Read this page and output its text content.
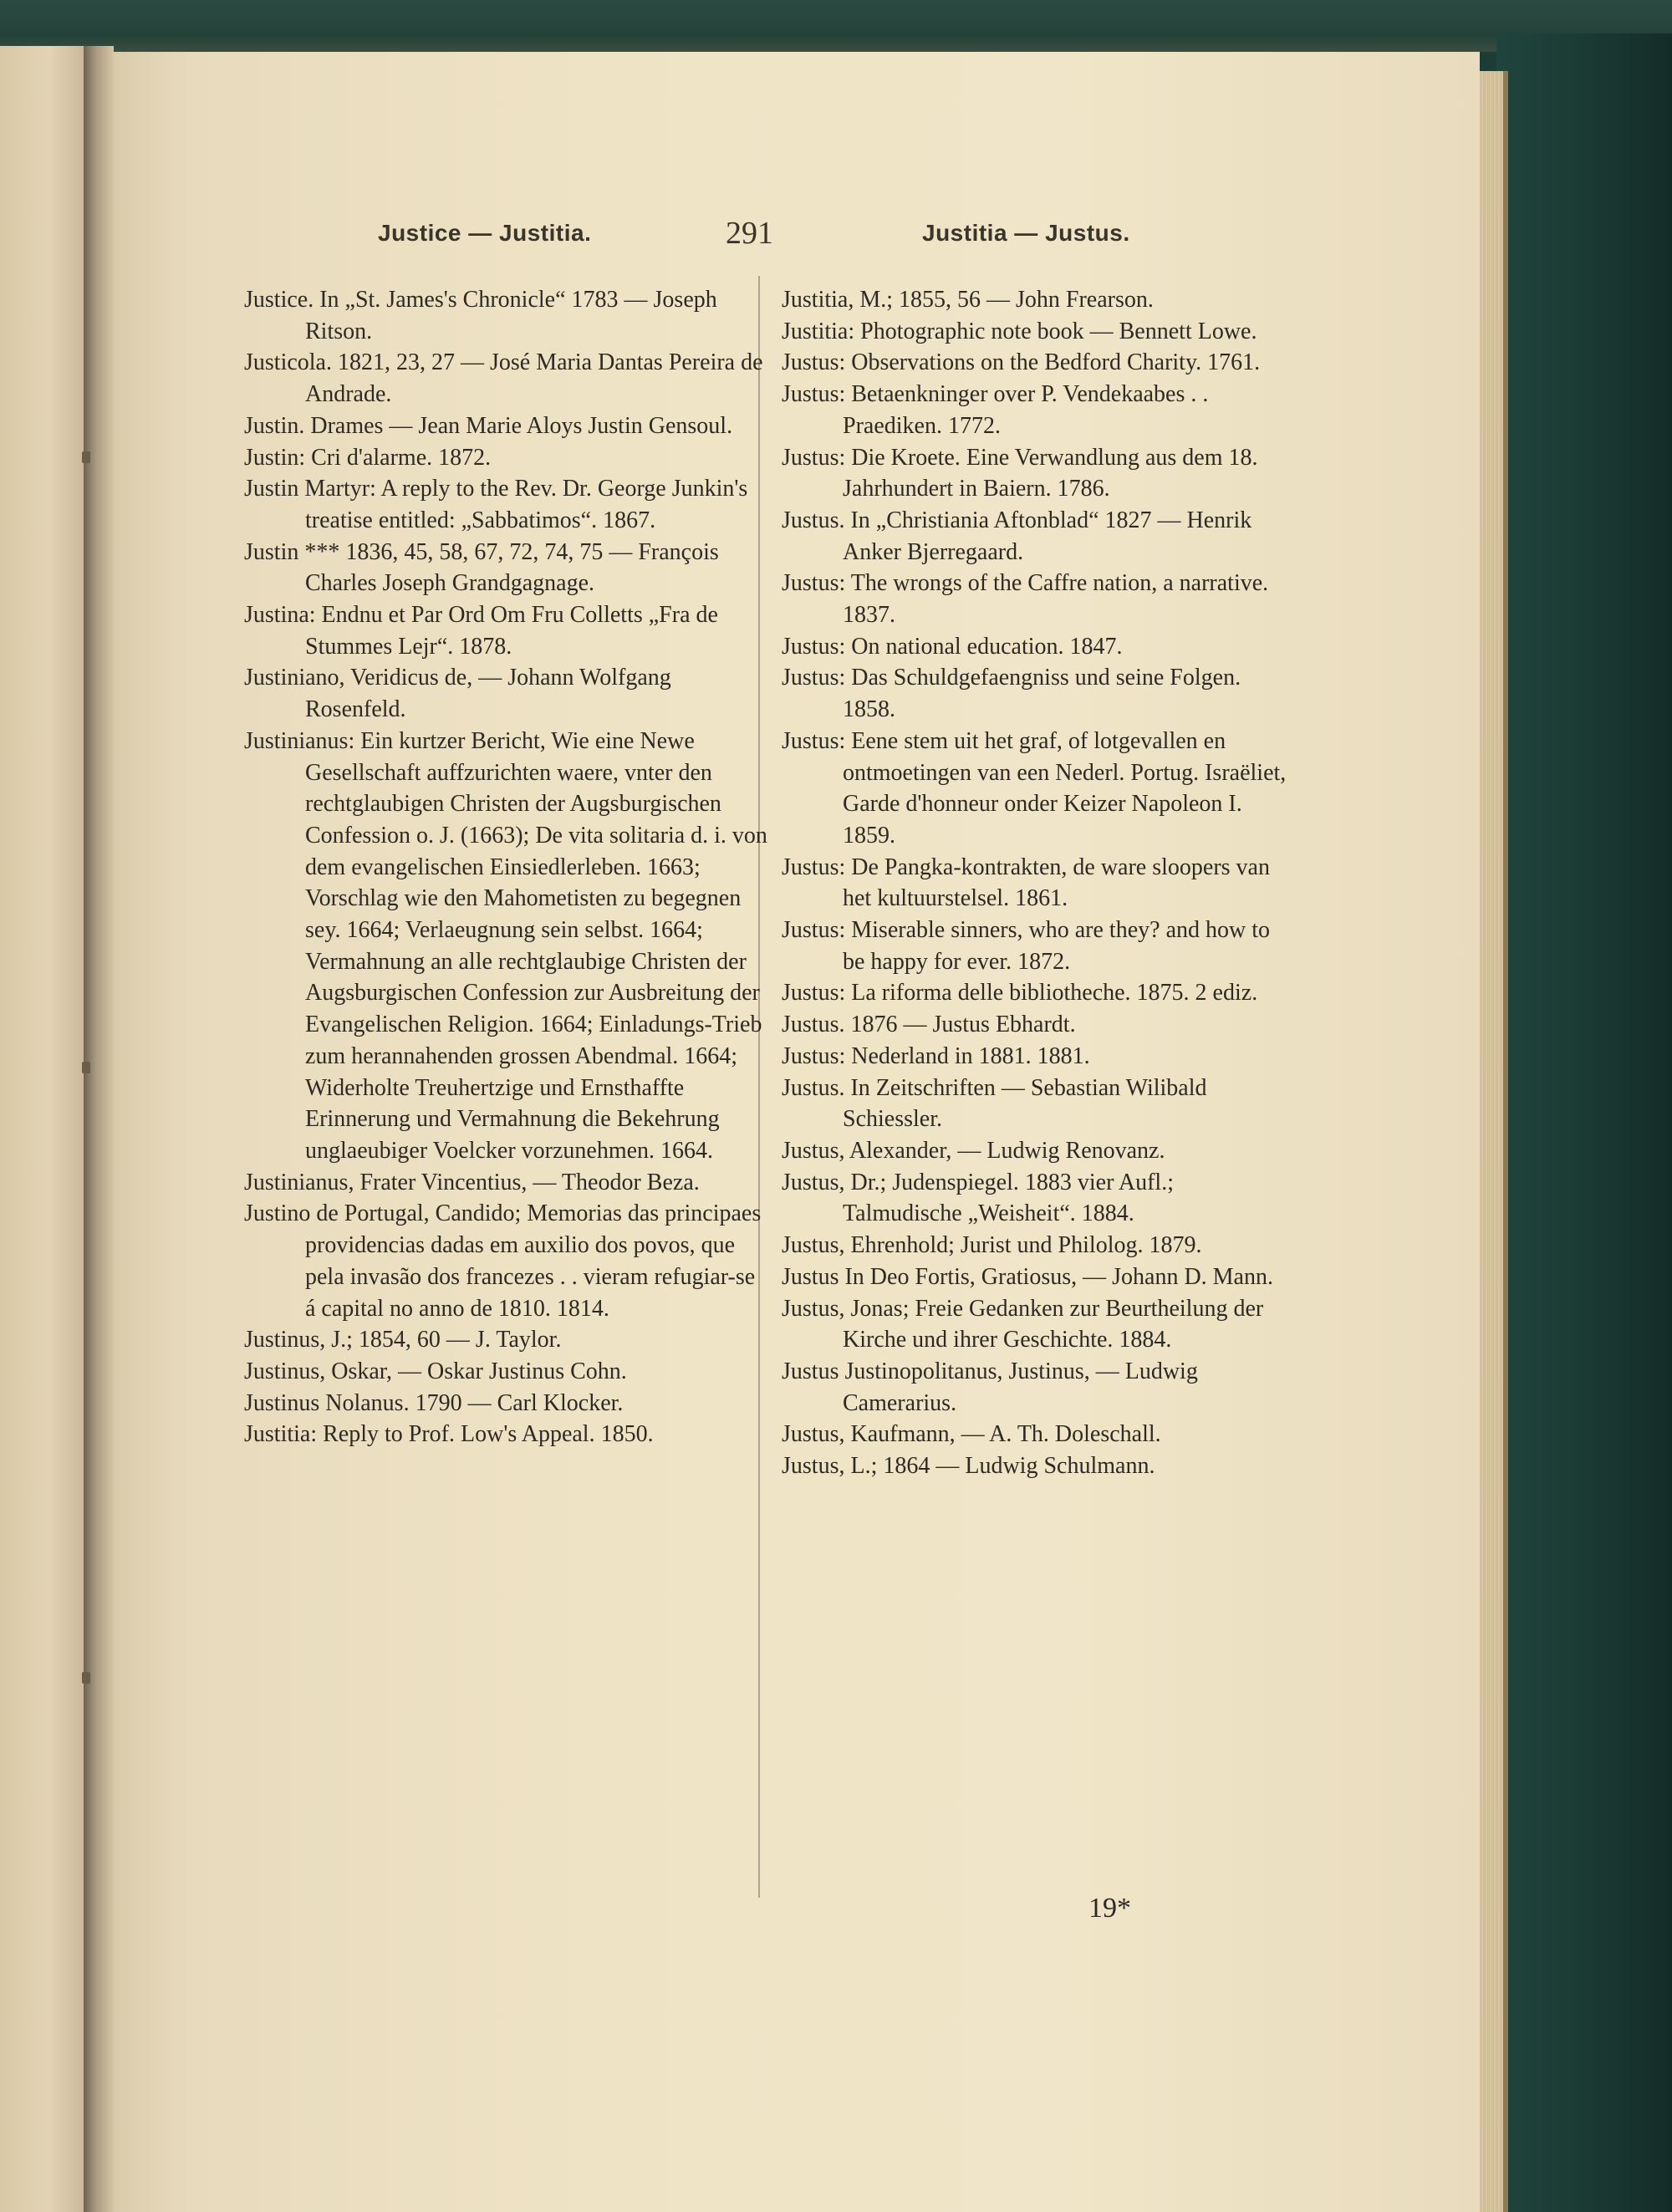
Justice — Justitia.	291	Justitia — Justus.
Justice. In „St. James's Chronicle“ 1783 — Joseph Ritson.
Justicola. 1821, 23, 27 — José Maria Dantas Pereira de Andrade.
Justin. Drames — Jean Marie Aloys Justin Gensoul.
Justin: Cri d'alarme. 1872.
Justin Martyr: A reply to the Rev. Dr. George Junkin's treatise entitled: „Sabbatimos“. 1867.
Justin *** 1836, 45, 58, 67, 72, 74, 75 — François Charles Joseph Grandgagnage.
Justina: Endnu et Par Ord Om Fru Colletts „Fra de Stummes Lejr“. 1878.
Justiniano, Veridicus de, — Johann Wolfgang Rosenfeld.
Justinianus: Ein kurtzer Bericht, Wie eine Newe Gesellschaft auffzurichten waere, vnter den rechtglaubigen Christen der Augsburgischen Confession o. J. (1663); De vita solitaria d. i. von dem evangelischen Einsiedlerleben. 1663; Vorschlag wie den Mahometisten zu begegnen sey. 1664; Verlaeugnung sein selbst. 1664; Vermahnung an alle rechtglaubige Christen der Augsburgischen Confession zur Ausbreitung der Evangelischen Religion. 1664; Einladungs-Trieb zum herannahenden grossen Abendmal. 1664; Widerholte Treuhertzige und Ernsthaffte Erinnerung und Vermahnung die Bekehrung unglaeubiger Voelcker vorzunehmen. 1664.
Justinianus, Frater Vincentius, — Theodor Beza.
Justino de Portugal, Candido; Memorias das principaes providencias dadas em auxilio dos povos, que pela invasão dos francezes . . vieram refugiar-se á capital no anno de 1810. 1814.
Justinus, J.; 1854, 60 — J. Taylor.
Justinus, Oskar, — Oskar Justinus Cohn.
Justinus Nolanus. 1790 — Carl Klocker.
Justitia: Reply to Prof. Low's Appeal. 1850.
Justitia, M.; 1855, 56 — John Frearson.
Justitia: Photographic note book — Bennett Lowe.
Justus: Observations on the Bedford Charity. 1761.
Justus: Betaenkninger over P. Vendekaabes . . Praediken. 1772.
Justus: Die Kroete. Eine Verwandlung aus dem 18. Jahrhundert in Baiern. 1786.
Justus. In „Christiania Aftonblad“ 1827 — Henrik Anker Bjerregaard.
Justus: The wrongs of the Caffre nation, a narrative. 1837.
Justus: On national education. 1847.
Justus: Das Schuldgefaengniss und seine Folgen. 1858.
Justus: Eene stem uit het graf, of lotgevallen en ontmoetingen van een Nederl. Portug. Israëliet, Garde d'honneur onder Keizer Napoleon I. 1859.
Justus: De Pangka-kontrakten, de ware sloopers van het kultuurstelsel. 1861.
Justus: Miserable sinners, who are they? and how to be happy for ever. 1872.
Justus: La riforma delle bibliotheche. 1875. 2 ediz.
Justus. 1876 — Justus Ebhardt.
Justus: Nederland in 1881. 1881.
Justus. In Zeitschriften — Sebastian Wilibald Schiessler.
Justus, Alexander, — Ludwig Renovanz.
Justus, Dr.; Judenspiegel. 1883 vier Aufl.; Talmudische „Weisheit“. 1884.
Justus, Ehrenhold; Jurist und Philolog. 1879.
Justus In Deo Fortis, Gratiosus, — Johann D. Mann.
Justus, Jonas; Freie Gedanken zur Beurtheilung der Kirche und ihrer Geschichte. 1884.
Justus Justinopolitanus, Justinus, — Ludwig Camerarius.
Justus, Kaufmann, — A. Th. Doleschall.
Justus, L.; 1864 — Ludwig Schulmann.
19*
